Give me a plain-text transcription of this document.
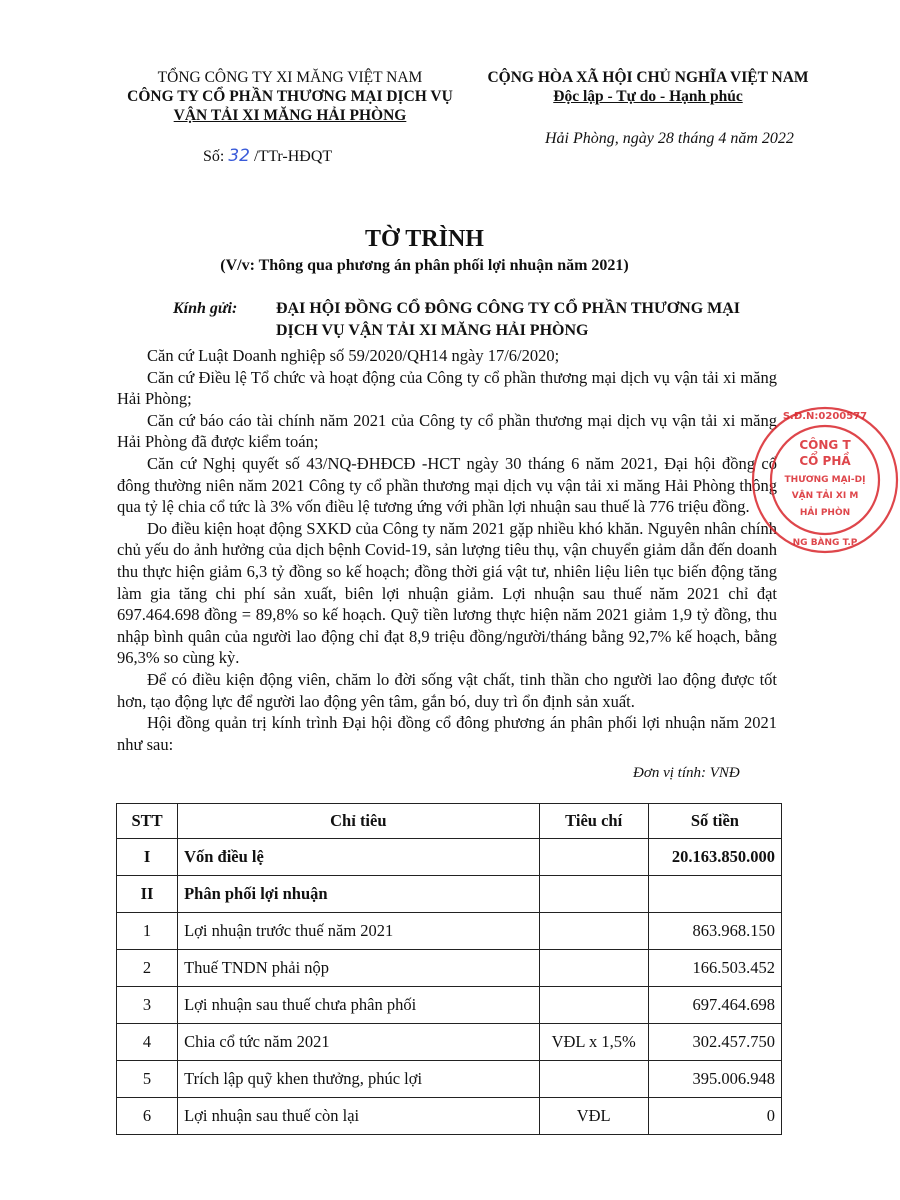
TỔNG CÔNG TY XI MĂNG VIỆT NAM
CÔNG TY CỔ PHẦN THƯƠNG MẠI DỊCH VỤ
VẬN TẢI XI MĂNG HẢI PHÒNG
Số: 32 /TTr-HĐQT
CỘNG HÒA XÃ HỘI CHỦ NGHĨA VIỆT NAM
Độc lập - Tự do - Hạnh phúc
Hải Phòng, ngày 28 tháng 4 năm 2022
TỜ TRÌNH
(V/v: Thông qua phương án phân phối lợi nhuận năm 2021)
Kính gửi: ĐẠI HỘI ĐỒNG CỔ ĐÔNG CÔNG TY CỔ PHẦN THƯƠNG MẠI DỊCH VỤ VẬN TẢI XI MĂNG HẢI PHÒNG

Căn cứ Luật Doanh nghiệp số 59/2020/QH14 ngày 17/6/2020;

Căn cứ Điều lệ Tổ chức và hoạt động của Công ty cổ phần thương mại dịch vụ vận tải xi măng Hải Phòng;

Căn cứ báo cáo tài chính năm 2021 của Công ty cổ phần thương mại dịch vụ vận tải xi măng Hải Phòng đã được kiểm toán;

Căn cứ Nghị quyết số 43/NQ-ĐHĐCĐ -HCT ngày 30 tháng 6 năm 2021, Đại hội đồng cổ đông thường niên năm 2021 Công ty cổ phần thương mại dịch vụ vận tải xi măng Hải Phòng thông qua tỷ lệ chia cổ tức là 3% vốn điều lệ tương ứng với phần lợi nhuận sau thuế là 776 triệu đồng.

Do điều kiện hoạt động SXKD của Công ty năm 2021 gặp nhiều khó khăn. Nguyên nhân chính chủ yếu do ảnh hưởng của dịch bệnh Covid-19, sản lượng tiêu thụ, vận chuyển giảm dẫn đến doanh thu thực hiện giảm 6,3 tỷ đồng so kế hoạch; đồng thời giá vật tư, nhiên liệu liên tục biến động tăng làm gia tăng chi phí sản xuất, biên lợi nhuận giảm. Lợi nhuận sau thuế năm 2021 chỉ đạt 697.464.698 đồng = 89,8% so kế hoạch. Quỹ tiền lương thực hiện năm 2021 giảm 1,9 tỷ đồng, thu nhập bình quân của người lao động chỉ đạt 8,9 triệu đồng/người/tháng bằng 92,7% kế hoạch, bằng 96,3% so cùng kỳ.

Để có điều kiện động viên, chăm lo đời sống vật chất, tinh thần cho người lao động được tốt hơn, tạo động lực để người lao động yên tâm, gắn bó, duy trì ổn định sản xuất.

Hội đồng quản trị kính trình Đại hội đồng cổ đông phương án phân phối lợi nhuận năm 2021 như sau:

Đơn vị tính: VNĐ
STT	Chỉ tiêu	Tiêu chí	Số tiền
I	Vốn điều lệ		20.163.850.000
II	Phân phối lợi nhuận		
1	Lợi nhuận trước thuế năm 2021		863.968.150
2	Thuế TNDN phải nộp		166.503.452
3	Lợi nhuận sau thuế chưa phân phối		697.464.698
4	Chia cổ tức năm 2021	VĐL x 1,5%	302.457.750
5	Trích lập quỹ khen thưởng, phúc lợi		395.006.948
6	Lợi nhuận sau thuế còn lại	VĐL	0
S.Đ.N:0200577
CÔNG T
CỔ PHẦ
THƯƠNG MẠI-DỊ
VẬN TẢI XI M
HẢI PHÒN
NG BÀNG T.P
